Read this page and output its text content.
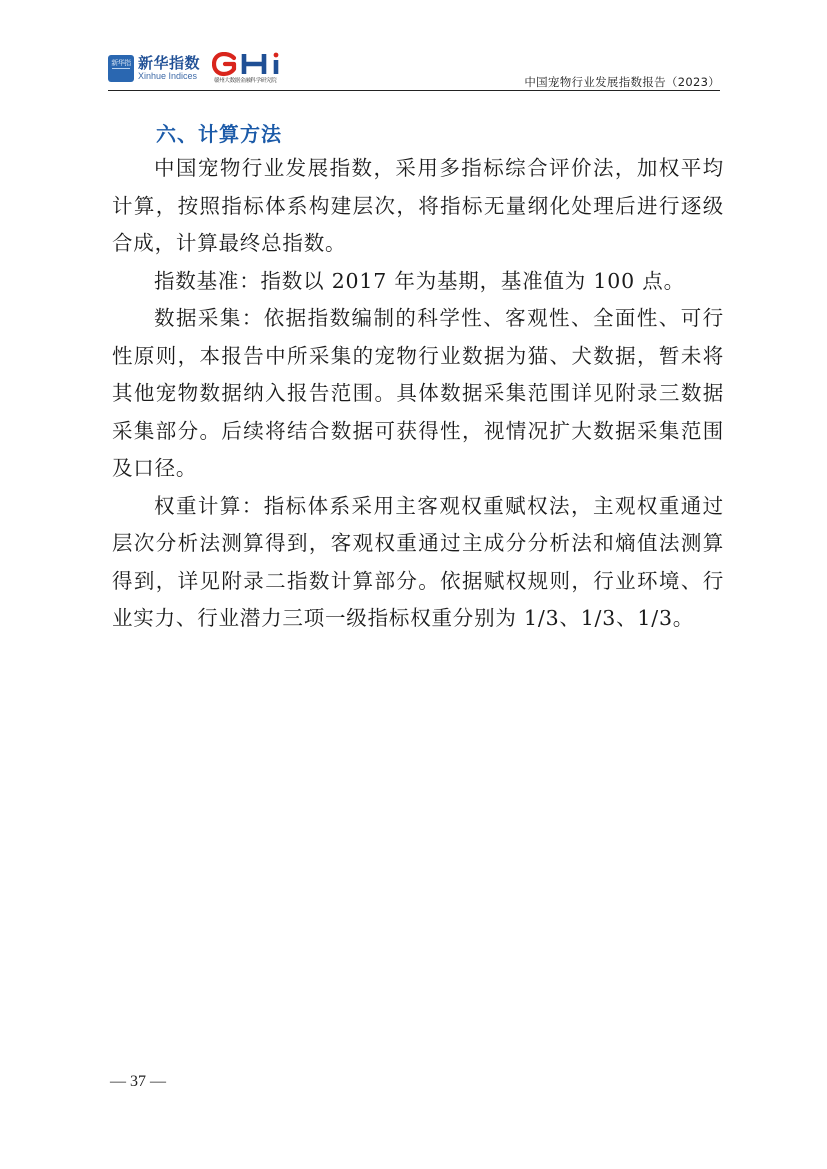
新华指 新华指数
Xinhue Indices	赣州大数据金融科学研究院	中国宠物行业发展指数报告（2023）
六、计算方法

中国宠物行业发展指数，采用多指标综合评价法，加权平均计算，按照指标体系构建层次，将指标无量纲化处理后进行逐级合成，计算最终总指数。

指数基准：指数以 2017 年为基期，基准值为 100 点。

数据采集：依据指数编制的科学性、客观性、全面性、可行性原则，本报告中所采集的宠物行业数据为猫、犬数据，暂未将其他宠物数据纳入报告范围。具体数据采集范围详见附录三数据采集部分。后续将结合数据可获得性，视情况扩大数据采集范围及口径。

权重计算：指标体系采用主客观权重赋权法，主观权重通过层次分析法测算得到，客观权重通过主成分分析法和熵值法测算得到，详见附录二指数计算部分。依据赋权规则，行业环境、行业实力、行业潜力三项一级指标权重分别为 1/3、1/3、1/3。

— 37 —
